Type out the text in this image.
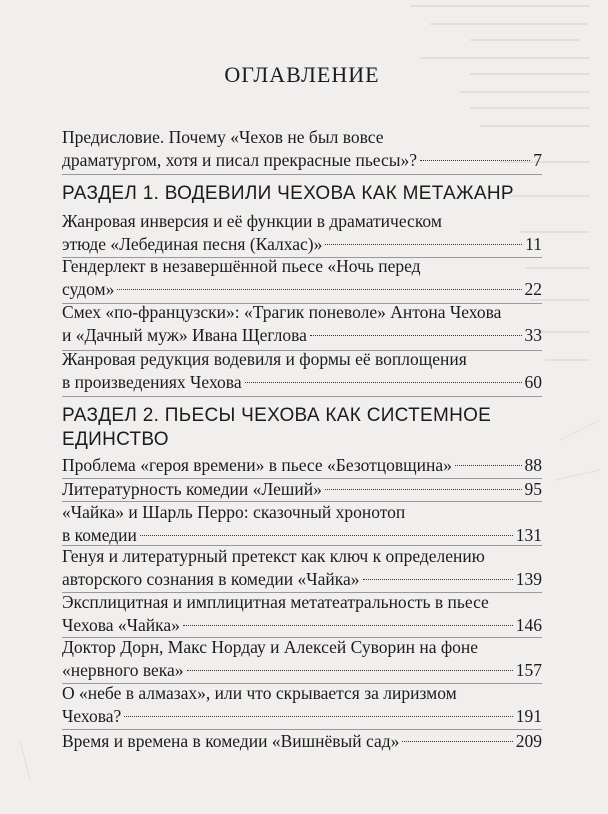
ОГЛАВЛЕНИЕ
Предисловие. Почему «Чехов не был вовсе
драматургом, хотя и писал прекрасные пьесы»?	7
РАЗДЕЛ 1. ВОДЕВИЛИ ЧЕХОВА КАК МЕТАЖАНР
Жанровая инверсия и её функции в драматическом
этюде «Лебединая песня (Калхас)»	11
Гендерлект в незавершённой пьесе «Ночь перед
судом»	22
Смех «по-французски»: «Трагик поневоле» Антона Чехова
и «Дачный муж» Ивана Щеглова	33
Жанровая редукция водевиля и формы её воплощения
в произведениях Чехова	60
РАЗДЕЛ 2. ПЬЕСЫ ЧЕХОВА КАК СИСТЕМНОЕ
ЕДИНСТВО
Проблема «героя времени» в пьесе «Безотцовщина»	88
Литературность комедии «Леший»	95
«Чайка» и Шарль Перро: сказочный хронотоп
в комедии	131
Генуя и литературный претекст как ключ к определению
авторского сознания в комедии «Чайка»	139
Эксплицитная и имплицитная метатеатральность в пьесе
Чехова «Чайка»	146
Доктор Дорн, Макс Нордау и Алексей Суворин на фоне
«нервного века»	157
О «небе в алмазах», или что скрывается за лиризмом
Чехова?	191
Время и времена в комедии «Вишнёвый сад»	209
